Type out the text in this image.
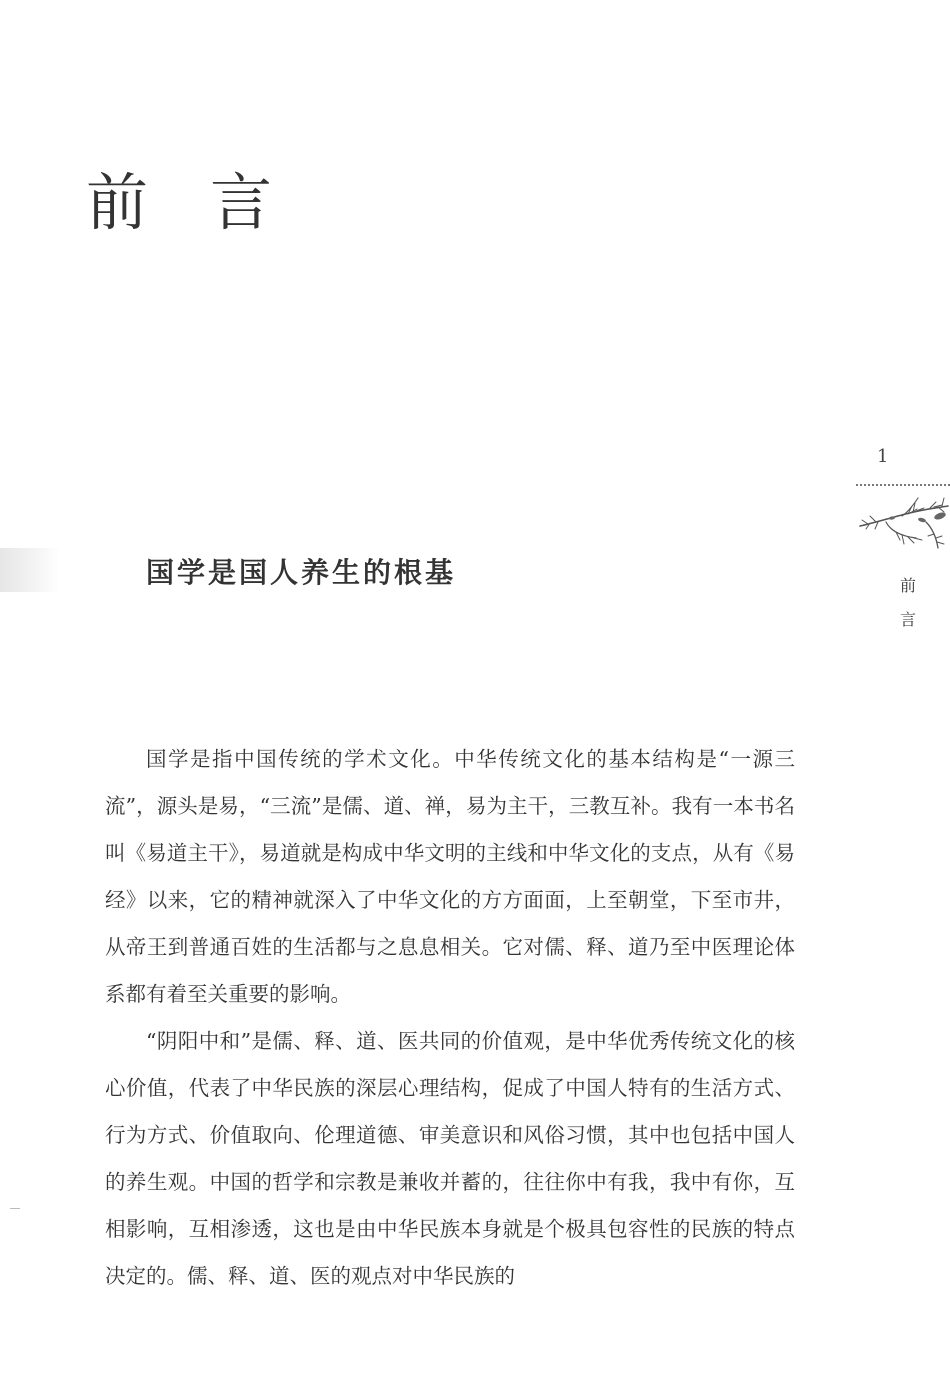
前言
国学是国人养生的根基

国学是指中国传统的学术文化。中华传统文化的基本结构是“一源三流”，源头是易，“三流”是儒、道、禅，易为主干，三教互补。我有一本书名叫《易道主干》，易道就是构成中华文明的主线和中华文化的支点，从有《易经》以来，它的精神就深入了中华文化的方方面面，上至朝堂，下至市井，从帝王到普通百姓的生活都与之息息相关。它对儒、释、道乃至中医理论体系都有着至关重要的影响。

“阴阳中和”是儒、释、道、医共同的价值观，是中华优秀传统文化的核心价值，代表了中华民族的深层心理结构，促成了中国人特有的生活方式、行为方式、价值取向、伦理道德、审美意识和风俗习惯，其中也包括中国人的养生观。中国的哲学和宗教是兼收并蓄的，往往你中有我，我中有你，互相影响，互相渗透，这也是由中华民族本身就是个极具包容性的民族的特点决定的。儒、释、道、医的观点对中华民族的

1
前
言
